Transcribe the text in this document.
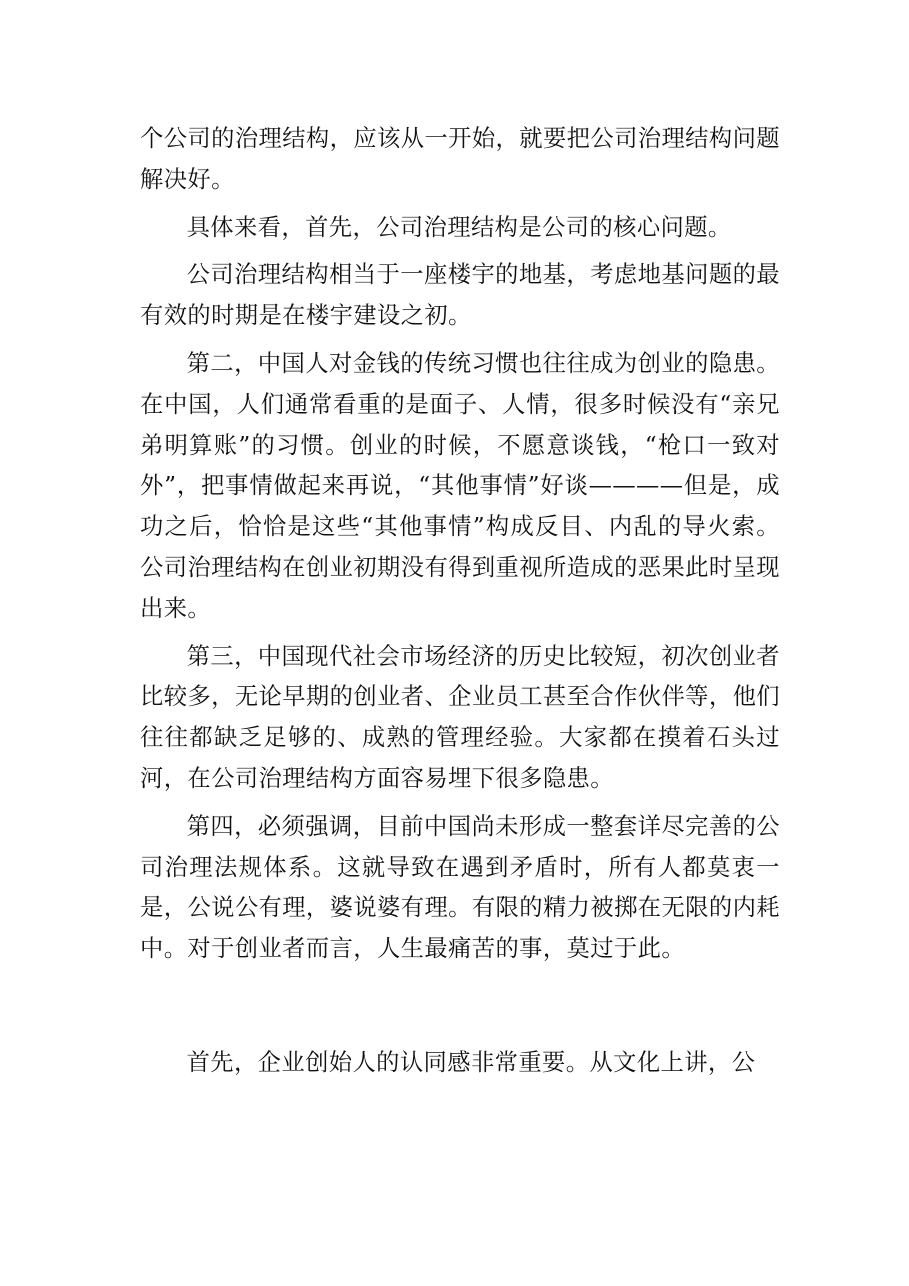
个公司的治理结构，应该从一开始，就要把公司治理结构问题解决好。

具体来看，首先，公司治理结构是公司的核心问题。

公司治理结构相当于一座楼宇的地基，考虑地基问题的最有效的时期是在楼宇建设之初。

第二，中国人对金钱的传统习惯也往往成为创业的隐患。在中国，人们通常看重的是面子、人情，很多时候没有“亲兄弟明算账”的习惯。创业的时候，不愿意谈钱，“枪口一致对外”，把事情做起来再说，“其他事情”好谈————但是，成功之后，恰恰是这些“其他事情”构成反目、内乱的导火索。公司治理结构在创业初期没有得到重视所造成的恶果此时呈现出来。

第三，中国现代社会市场经济的历史比较短，初次创业者比较多，无论早期的创业者、企业员工甚至合作伙伴等，他们往往都缺乏足够的、成熟的管理经验。大家都在摸着石头过河，在公司治理结构方面容易埋下很多隐患。

第四，必须强调，目前中国尚未形成一整套详尽完善的公司治理法规体系。这就导致在遇到矛盾时，所有人都莫衷一是，公说公有理，婆说婆有理。有限的精力被掷在无限的内耗中。对于创业者而言，人生最痛苦的事，莫过于此。

首先，企业创始人的认同感非常重要。从文化上讲，公
